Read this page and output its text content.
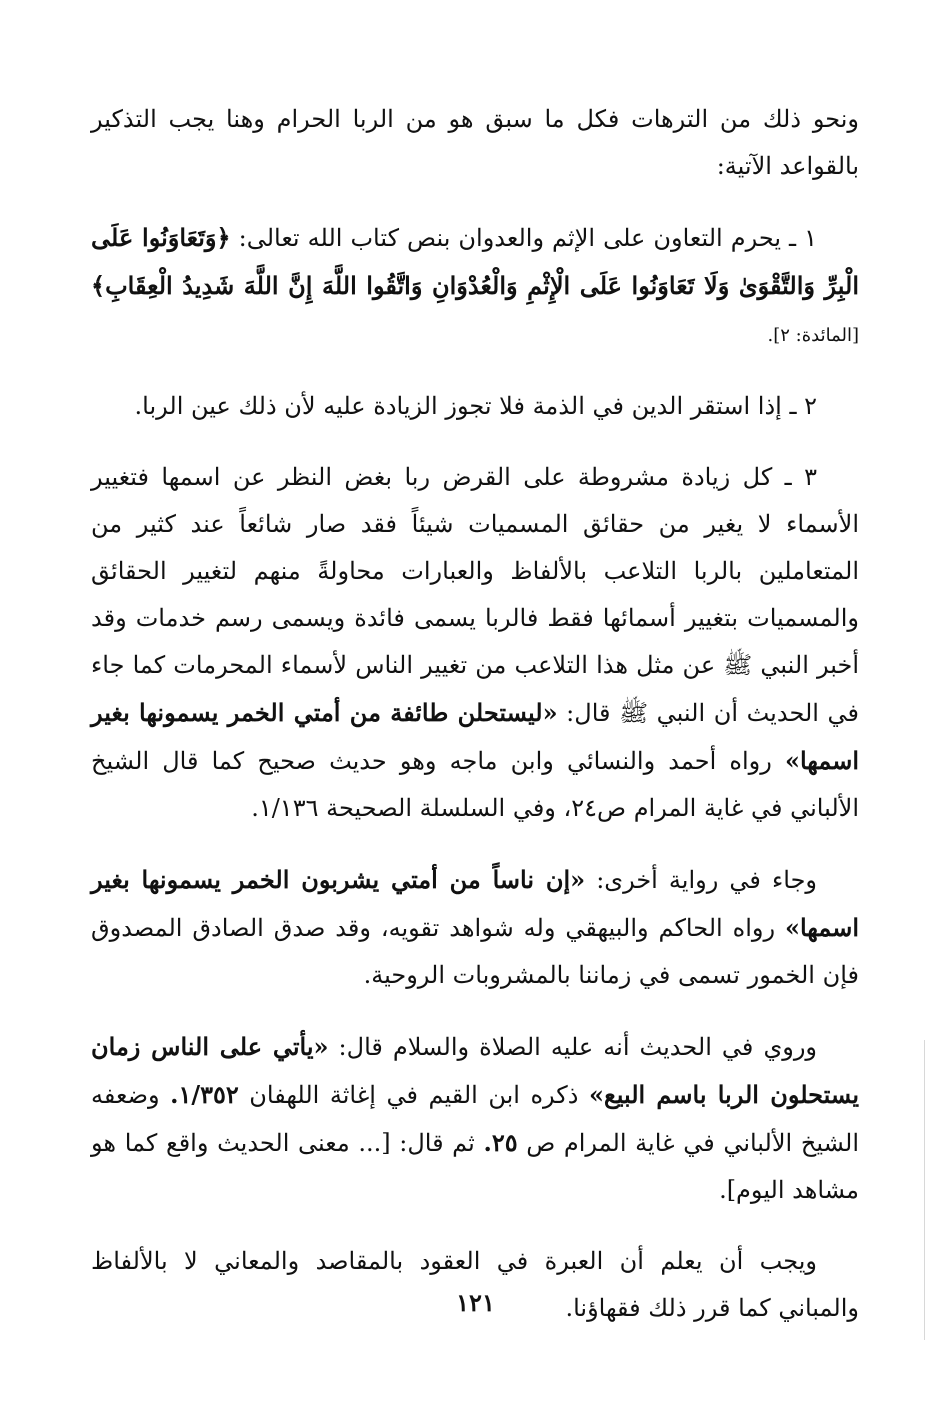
ونحو ذلك من الترهات فكل ما سبق هو من الربا الحرام وهنا يجب التذكير بالقواعد الآتية:

١ ـ يحرم التعاون على الإثم والعدوان بنص كتاب الله تعالى: ﴿وَتَعَاوَنُوا عَلَى الْبِرِّ وَالتَّقْوَىٰ وَلَا تَعَاوَنُوا عَلَى الْإِثْمِ وَالْعُدْوَانِ وَاتَّقُوا اللَّهَ إِنَّ اللَّهَ شَدِيدُ الْعِقَابِ﴾ [المائدة: ٢].

٢ ـ إذا استقر الدين في الذمة فلا تجوز الزيادة عليه لأن ذلك عين الربا.

٣ ـ كل زيادة مشروطة على القرض ربا بغض النظر عن اسمها فتغيير الأسماء لا يغير من حقائق المسميات شيئاً فقد صار شائعاً عند كثير من المتعاملين بالربا التلاعب بالألفاظ والعبارات محاولةً منهم لتغيير الحقائق والمسميات بتغيير أسمائها فقط فالربا يسمى فائدة ويسمى رسم خدمات وقد أخبر النبي ﷺ عن مثل هذا التلاعب من تغيير الناس لأسماء المحرمات كما جاء في الحديث أن النبي ﷺ قال: «ليستحلن طائفة من أمتي الخمر يسمونها بغير اسمها» رواه أحمد والنسائي وابن ماجه وهو حديث صحيح كما قال الشيخ الألباني في غاية المرام ص٢٤، وفي السلسلة الصحيحة ١/١٣٦.

وجاء في رواية أخرى: «إن ناساً من أمتي يشربون الخمر يسمونها بغير اسمها» رواه الحاكم والبيهقي وله شواهد تقويه، وقد صدق الصادق المصدوق فإن الخمور تسمى في زماننا بالمشروبات الروحية.

وروي في الحديث أنه عليه الصلاة والسلام قال: «يأتي على الناس زمان يستحلون الربا باسم البيع» ذكره ابن القيم في إغاثة اللهفان ١/٣٥٢. وضعفه الشيخ الألباني في غاية المرام ص ٢٥. ثم قال: [... معنى الحديث واقع كما هو مشاهد اليوم].

ويجب أن يعلم أن العبرة في العقود بالمقاصد والمعاني لا بالألفاظ والمباني كما قرر ذلك فقهاؤنا.

١٢١
